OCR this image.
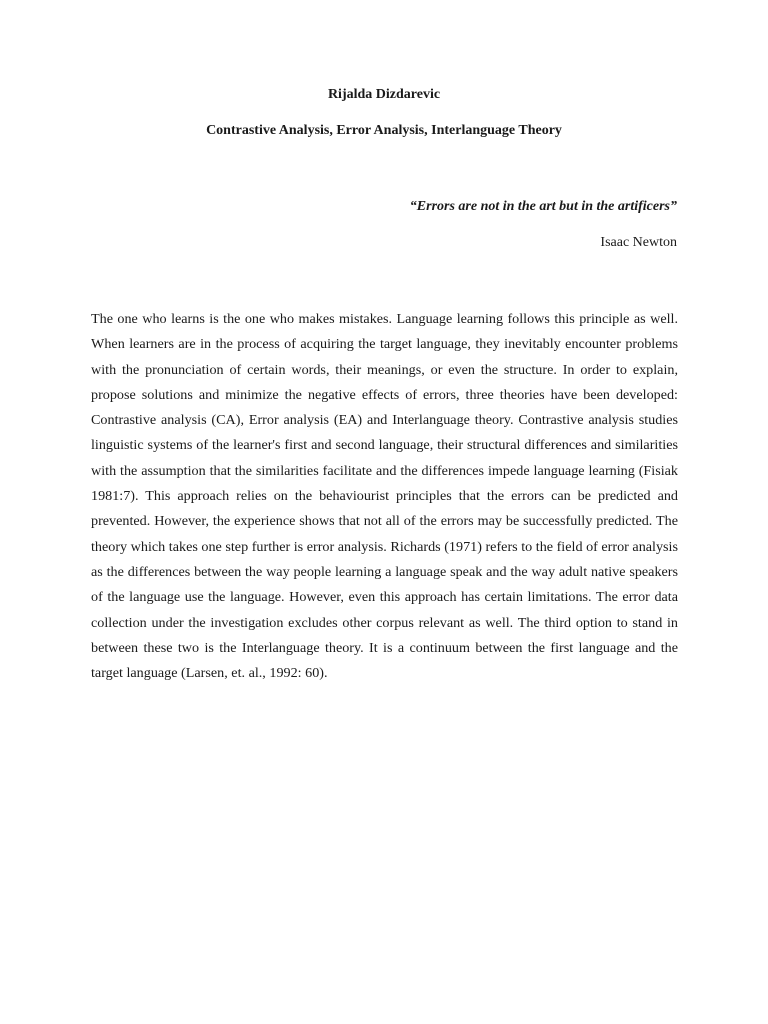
Rijalda Dizdarevic
Contrastive Analysis, Error Analysis, Interlanguage Theory
“Errors are not in the art but in the artificers”
Isaac Newton

The one who learns is the one who makes mistakes. Language learning follows this principle as well. When learners are in the process of acquiring the target language, they inevitably encounter problems with the pronunciation of certain words, their meanings, or even the structure. In order to explain, propose solutions and minimize the negative effects of errors, three theories have been developed: Contrastive analysis (CA), Error analysis (EA) and Interlanguage theory. Contrastive analysis studies linguistic systems of the learner's first and second language, their structural differences and similarities with the assumption that the similarities facilitate and the differences impede language learning (Fisiak 1981:7). This approach relies on the behaviourist principles that the errors can be predicted and prevented. However, the experience shows that not all of the errors may be successfully predicted. The theory which takes one step further is error analysis. Richards (1971) refers to the field of error analysis as the differences between the way people learning a language speak and the way adult native speakers of the language use the language. However, even this approach has certain limitations. The error data collection under the investigation excludes other corpus relevant as well. The third option to stand in between these two is the Interlanguage theory. It is a continuum between the first language and the target language (Larsen, et. al., 1992: 60).
